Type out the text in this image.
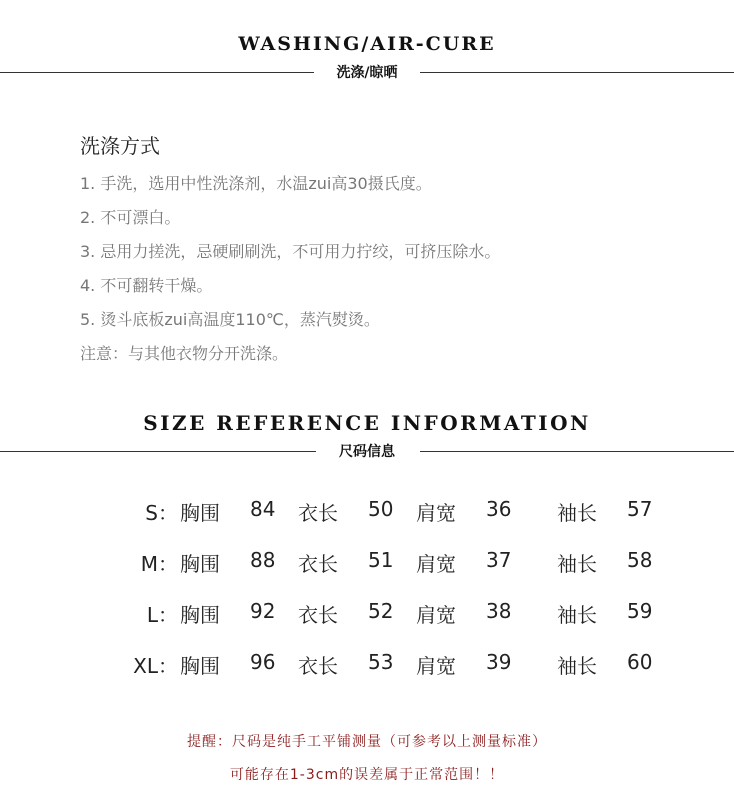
WASHING/AIR-CURE
洗涤/晾晒
洗涤方式
1. 手洗，选用中性洗涤剂，水温zui高30摄氏度。
2. 不可漂白。
3. 忌用力搓洗，忌硬刷刷洗，不可用力拧绞，可挤压除水。
4. 不可翻转干燥。
5. 烫斗底板zui高温度110℃，蒸汽熨烫。
注意：与其他衣物分开洗涤。
SIZE REFERENCE INFORMATION
尺码信息
S： 胸围 84 衣长 50 肩宽 36 袖长 57
M： 胸围 88 衣长 51 肩宽 37 袖长 58
L： 胸围 92 衣长 52 肩宽 38 袖长 59
XL： 胸围 96 衣长 53 肩宽 39 袖长 60
提醒：尺码是纯手工平铺测量（可参考以上测量标准）
可能存在1-3cm的误差属于正常范围！！
